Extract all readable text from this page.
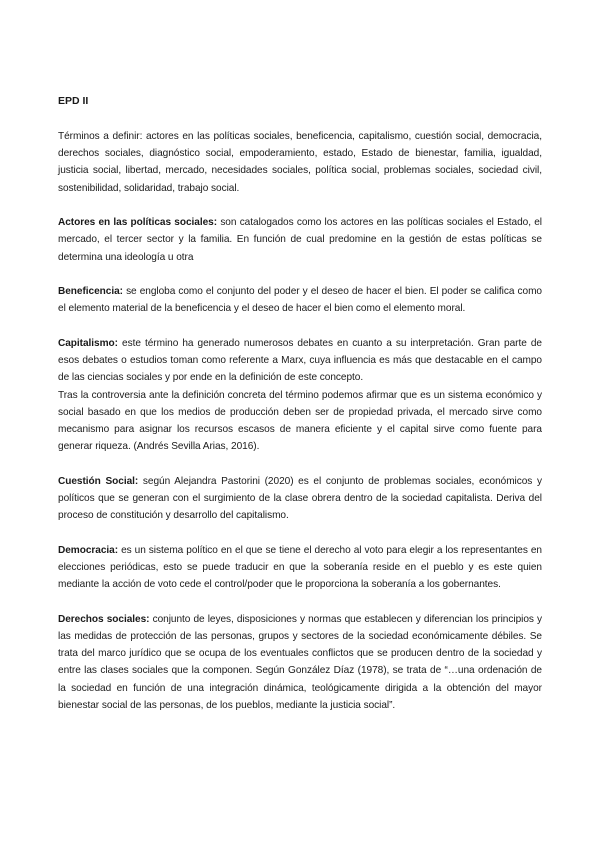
EPD II

Términos a definir: actores en las políticas sociales, beneficencia, capitalismo, cuestión social, democracia, derechos sociales, diagnóstico social, empoderamiento, estado, Estado de bienestar, familia, igualdad, justicia social, libertad, mercado, necesidades sociales, política social, problemas sociales, sociedad civil, sostenibilidad, solidaridad, trabajo social.

Actores en las políticas sociales: son catalogados como los actores en las políticas sociales el Estado, el mercado, el tercer sector y la familia. En función de cual predomine en la gestión de estas políticas se determina una ideología u otra

Beneficencia: se engloba como el conjunto del poder y el deseo de hacer el bien. El poder se califica como el elemento material de la beneficencia y el deseo de hacer el bien como el elemento moral.

Capitalismo: este término ha generado numerosos debates en cuanto a su interpretación. Gran parte de esos debates o estudios toman como referente a Marx, cuya influencia es más que destacable en el campo de las ciencias sociales y por ende en la definición de este concepto.

Tras la controversia ante la definición concreta del término podemos afirmar que es un sistema económico y social basado en que los medios de producción deben ser de propiedad privada, el mercado sirve como mecanismo para asignar los recursos escasos de manera eficiente y el capital sirve como fuente para generar riqueza. (Andrés Sevilla Arias, 2016).

Cuestión Social: según Alejandra Pastorini (2020) es el conjunto de problemas sociales, económicos y políticos que se generan con el surgimiento de la clase obrera dentro de la sociedad capitalista. Deriva del proceso de constitución y desarrollo del capitalismo.

Democracia: es un sistema político en el que se tiene el derecho al voto para elegir a los representantes en elecciones periódicas, esto se puede traducir en que la soberanía reside en el pueblo y es este quien mediante la acción de voto cede el control/poder que le proporciona la soberanía a los gobernantes.

Derechos sociales: conjunto de leyes, disposiciones y normas que establecen y diferencian los principios y las medidas de protección de las personas, grupos y sectores de la sociedad económicamente débiles. Se trata del marco jurídico que se ocupa de los eventuales conflictos que se producen dentro de la sociedad y entre las clases sociales que la componen. Según González Díaz (1978), se trata de “…una ordenación de la sociedad en función de una integración dinámica, teológicamente dirigida a la obtención del mayor bienestar social de las personas, de los pueblos, mediante la justicia social”.
